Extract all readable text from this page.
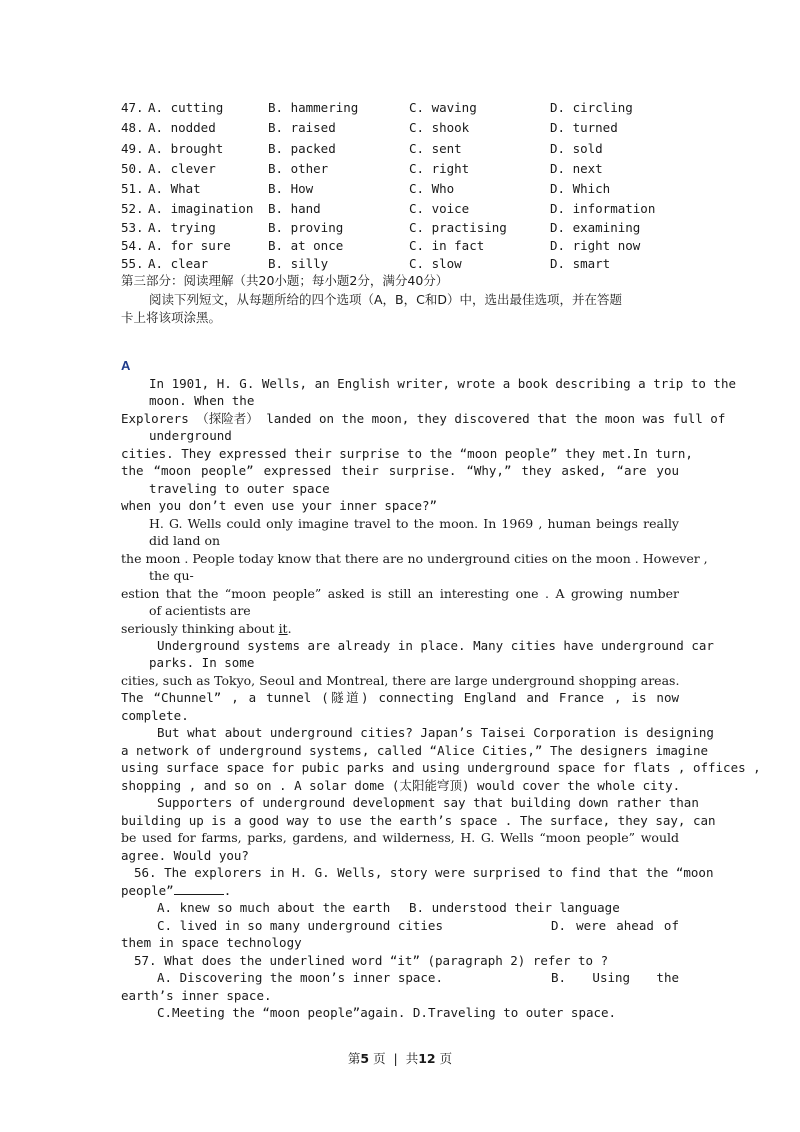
47. A. cutting	B. hammering	C. waving	D. circling
48. A. nodded	B. raised	C. shook	D. turned
49. A. brought	B. packed	C. sent	D. sold
50. A. clever	B. other	C. right	D. next
51. A. What	B. How	C. Who	D. Which
52. A. imagination B. hand	C. voice	D. information
53. A. trying	B. proving	C. practising	D. examining
54. A. for sure	B. at once	C. in fact	D. right now
55. A. clear	B. silly	C. slow	D. smart
第三部分：阅读理解（共20小题；每小题2分，满分40分）
阅读下列短文，从每题所给的四个选项（A，B，C和D）中，选出最佳选项，并在答题
卡上将该项涂黑。
A
In 1901, H. G. Wells, an English writer, wrote a book describing a trip to the
moon. When the
Explorers （探险者） landed on the moon, they discovered that the moon was full of
underground
cities. They expressed their surprise to the “moon people” they met.In turn,
the “moon people” expressed their surprise. “Why,” they asked, “are you
traveling to outer space
when you don’t even use your inner space?”
H. G. Wells could only imagine travel to the moon. In 1969 , human beings really
did land on
the moon . People today know that there are no underground cities on the moon . However ,
the qu-
estion that the “moon people” asked is still an interesting one . A growing number
of acientists are
seriously thinking about it.
Underground systems are already in place. Many cities have underground car
parks. In some
cities, such as Tokyo, Seoul and Montreal, there are large underground shopping areas.
The “Chunnel” , a tunnel (隧道) connecting England and France , is now
complete.
But what about underground cities? Japan’s Taisei Corporation is designing
a network of underground systems, called “Alice Cities,” The designers imagine
using surface space for pubic parks and using underground space for flats , offices ,
shopping , and so on . A solar dome (太阳能穹顶) would cover the whole city.
Supporters of underground development say that building down rather than
building up is a good way to use the earth’s space . The surface, they say, can
be used for farms, parks, gardens, and wilderness, H. G. Wells “moon people” would
agree. Would you?
56. The explorers in H. G. Wells, story were surprised to find that the “moon
people”	.
A. knew so much about the earth	B. understood their language
C. lived in so many underground cities	D. were ahead of
them in space technology
57. What does the underlined word “it” (paragraph 2) refer to ?
A. Discovering the moon’s inner space.	B. Using the
earth’s inner space.
C.Meeting the “moon people”again. D.Traveling to outer space.
第5 页 | 共12 页
